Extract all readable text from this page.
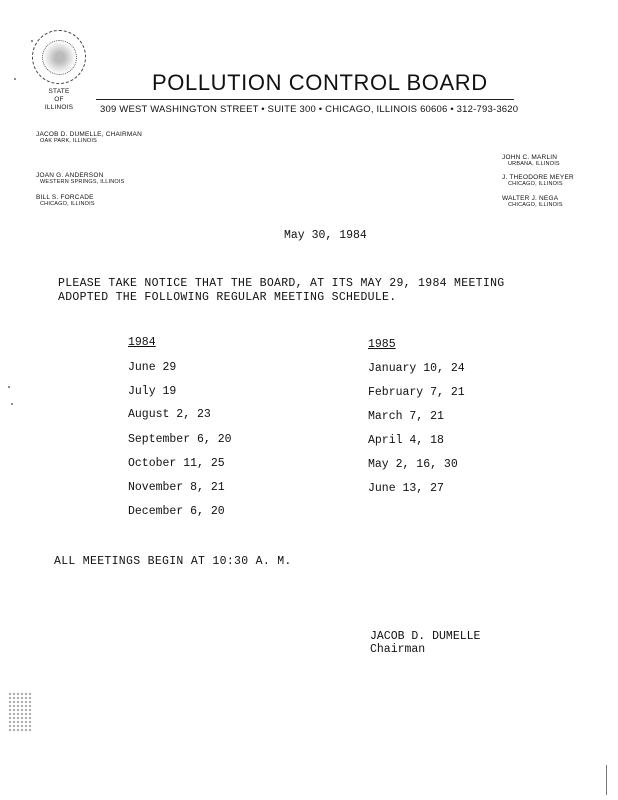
STATE
OF
ILLINOIS
POLLUTION CONTROL BOARD
309 WEST WASHINGTON STREET • SUITE 300 • CHICAGO, ILLINOIS 60606 • 312-793-3620
JACOB D. DUMELLE, CHAIRMAN
OAK PARK, ILLINOIS
JOAN G. ANDERSON
WESTERN SPRINGS, ILLINOIS
BILL S. FORCADE
CHICAGO, ILLINOIS
JOHN C. MARLIN
URBANA, ILLINOIS
J. THEODORE MEYER
CHICAGO, ILLINOIS
WALTER J. NEGA
CHICAGO, ILLINOIS
May 30, 1984
PLEASE TAKE NOTICE THAT THE BOARD, AT ITS MAY 29, 1984 MEETING
ADOPTED THE FOLLOWING REGULAR MEETING SCHEDULE.
1984
June 29
July 19
August 2, 23
September 6, 20
October 11, 25
November 8, 21
December 6, 20
1985
January 10, 24
February 7, 21
March 7, 21
April 4, 18
May 2, 16, 30
June 13, 27
ALL MEETINGS BEGIN AT 10:30 A. M.
JACOB D. DUMELLE
Chairman
